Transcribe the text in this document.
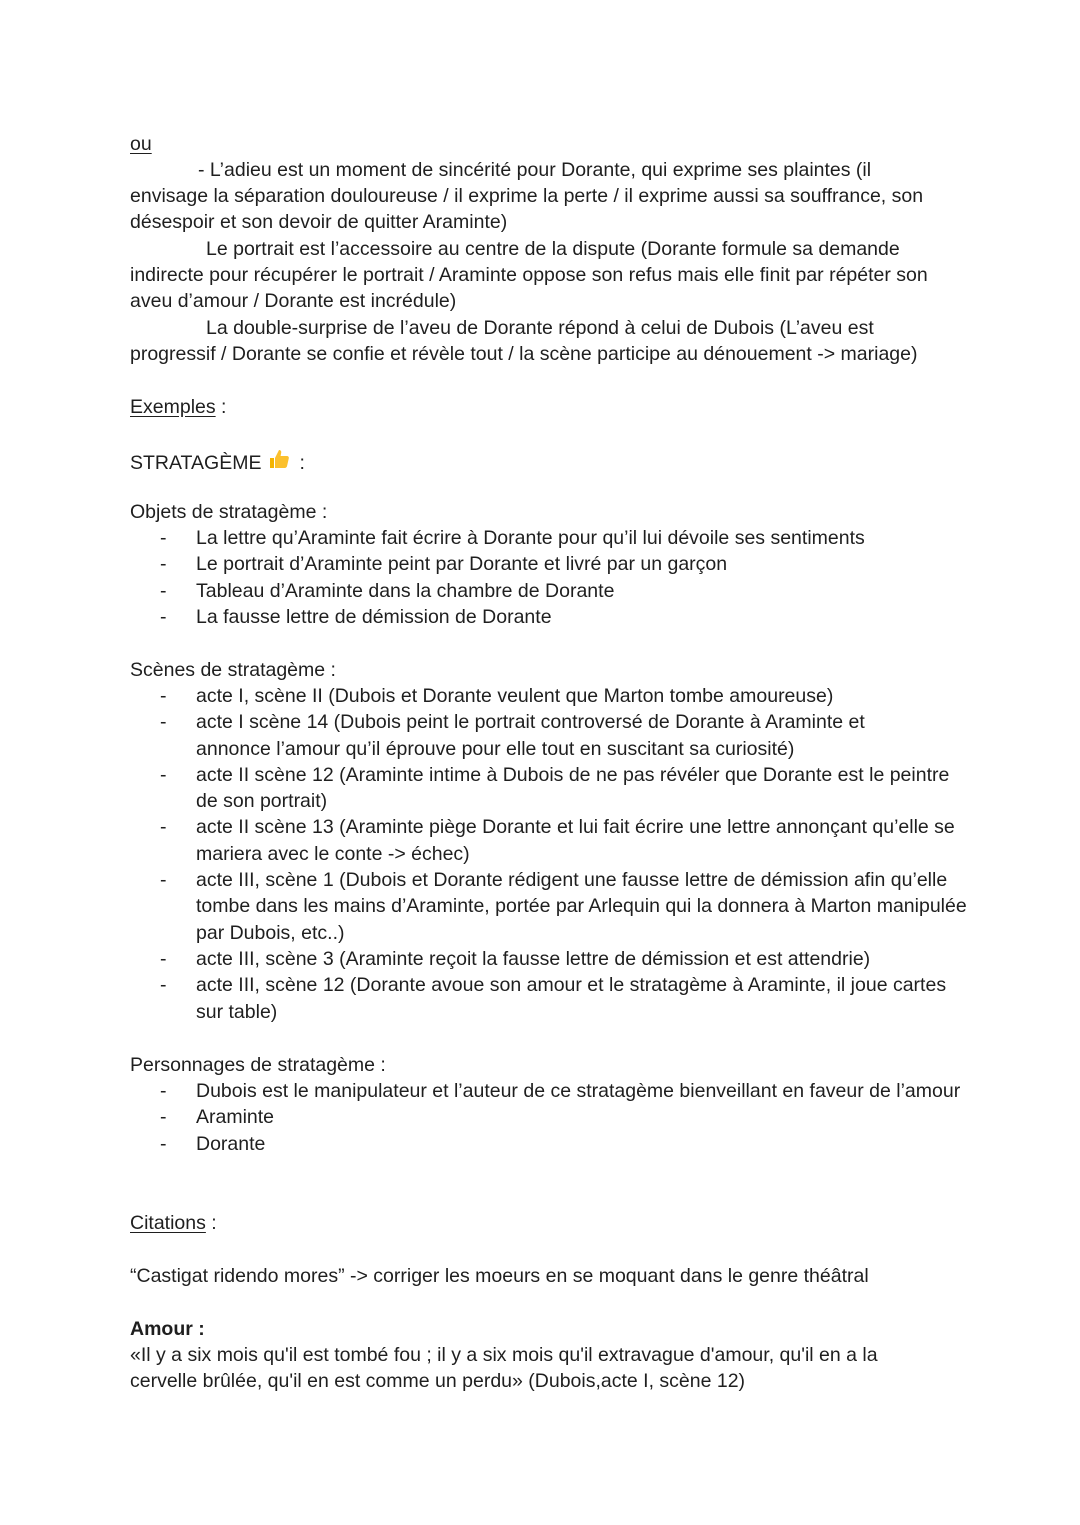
ou
- L’adieu est un moment de sincérité pour Dorante, qui exprime ses plaintes (il
envisage la séparation douloureuse / il exprime la perte / il exprime aussi sa souffrance, son
désespoir et son devoir de quitter Araminte)
Le portrait est l’accessoire au centre de la dispute (Dorante formule sa demande
indirecte pour récupérer le portrait / Araminte oppose son refus mais elle finit par répéter son
aveu d’amour / Dorante est incrédule)
La double-surprise de l’aveu de Dorante répond à celui de Dubois (L’aveu est
progressif / Dorante se confie et révèle tout / la scène participe au dénouement -> mariage)
Exemples :
STRATAGÈME :
Objets de stratagème :
- La lettre qu’Araminte fait écrire à Dorante pour qu’il lui dévoile ses sentiments
- Le portrait d’Araminte peint par Dorante et livré par un garçon
- Tableau d’Araminte dans la chambre de Dorante
- La fausse lettre de démission de Dorante
Scènes de stratagème :
- acte I, scène II (Dubois et Dorante veulent que Marton tombe amoureuse)
- acte I scène 14 (Dubois peint le portrait controversé de Dorante à Araminte et annonce l’amour qu’il éprouve pour elle tout en suscitant sa curiosité)
- acte II scène 12 (Araminte intime à Dubois de ne pas révéler que Dorante est le peintre de son portrait)
- acte II scène 13 (Araminte piège Dorante et lui fait écrire une lettre annonçant qu’elle se mariera avec le conte -> échec)
- acte III, scène 1 (Dubois et Dorante rédigent une fausse lettre de démission afin qu’elle tombe dans les mains d’Araminte, portée par Arlequin qui la donnera à Marton manipulée par Dubois, etc..)
- acte III, scène 3 (Araminte reçoit la fausse lettre de démission et est attendrie)
- acte III, scène 12 (Dorante avoue son amour et le stratagème à Araminte, il joue cartes sur table)
Personnages de stratagème :
- Dubois est le manipulateur et l’auteur de ce stratagème bienveillant en faveur de l’amour
- Araminte
- Dorante
Citations :
“Castigat ridendo mores” -> corriger les moeurs en se moquant dans le genre théâtral
Amour :
«Il y a six mois qu'il est tombé fou ; il y a six mois qu'il extravague d'amour, qu'il en a la
cervelle brûlée, qu'il en est comme un perdu» (Dubois,acte I, scène 12)
